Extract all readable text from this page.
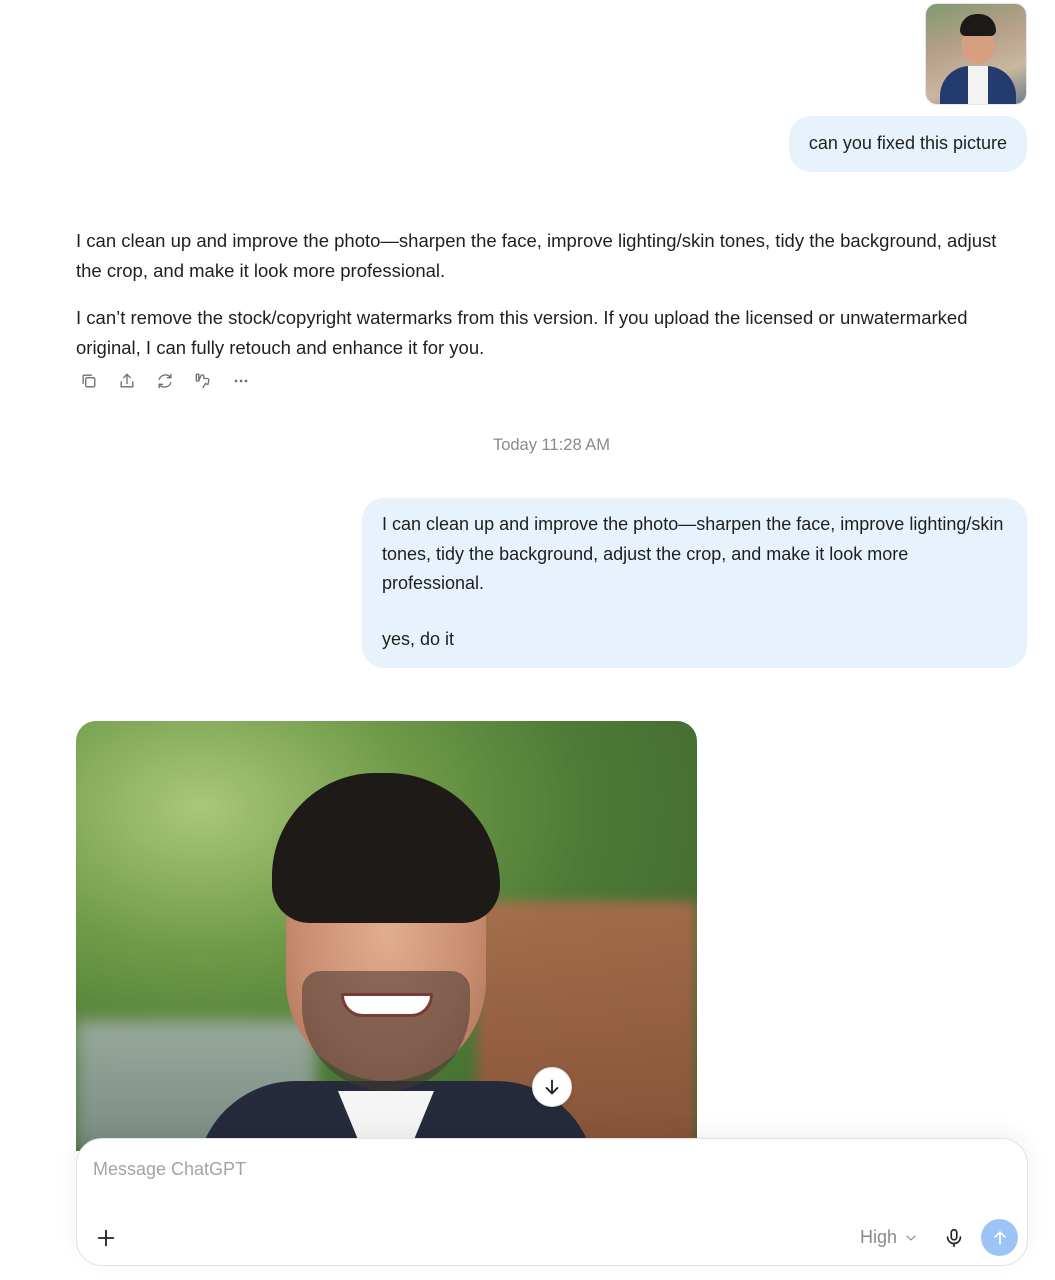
can you fixed this picture

I can clean up and improve the photo—sharpen the face, improve lighting/skin tones, tidy the background, adjust the crop, and make it look more professional.

I can’t remove the stock/copyright watermarks from this version. If you upload the licensed or unwatermarked original, I can fully retouch and enhance it for you.

Today 11:28 AM

I can clean up and improve the photo—sharpen the face, improve lighting/skin tones, tidy the background, adjust the crop, and make it look more professional.

yes, do it

Message ChatGPT
High
